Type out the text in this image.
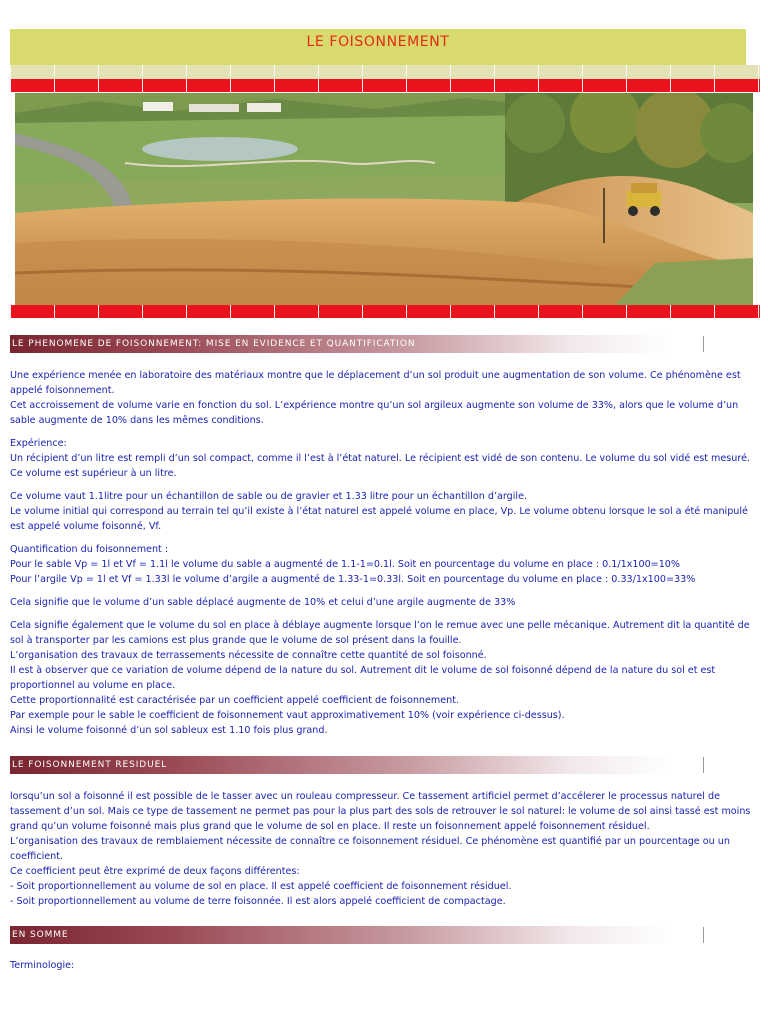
LE FOISONNEMENT
LE PHENOMENE DE FOISONNEMENT: MISE EN EVIDENCE ET QUANTIFICATION

Une expérience menée en laboratoire des matériaux montre que le déplacement d’un sol produit une augmentation de son volume. Ce phénomène est appelé foisonnement.
Cet accroissement de volume varie en fonction du sol. L’expérience montre qu’un sol argileux augmente son volume de 33%, alors que le volume d’un sable augmente de 10% dans les mêmes conditions.

Expérience:
Un récipient d’un litre est rempli d’un sol compact, comme il l’est à l’état naturel. Le récipient est vidé de son contenu. Le volume du sol vidé est mesuré. Ce volume est supérieur à un litre.

Ce volume vaut 1.1litre pour un échantillon de sable ou de gravier et 1.33 litre pour un échantillon d’argile.
Le volume initial qui correspond au terrain tel qu’il existe à l’état naturel est appelé volume en place, Vp. Le volume obtenu lorsque le sol a été manipulé est appelé volume foisonné, Vf.

Quantification du foisonnement :
Pour le sable Vp = 1l et Vf = 1.1l le volume du sable a augmenté de 1.1-1=0.1l. Soit en pourcentage du volume en place : 0.1/1x100=10%
Pour l’argile Vp = 1l et Vf = 1.33l le volume d’argile a augmenté de 1.33-1=0.33l. Soit en pourcentage du volume en place : 0.33/1x100=33%

Cela signifie que le volume d’un sable déplacé augmente de 10% et celui d’une argile augmente de 33%

Cela signifie également que le volume du sol en place à déblaye augmente lorsque l’on le remue avec une pelle mécanique. Autrement dit la quantité de sol à transporter par les camions est plus grande que le volume de sol présent dans la fouille.
L’organisation des travaux de terrassements nécessite de connaître cette quantité de sol foisonné.
Il est à observer que ce variation de volume dépend de la nature du sol. Autrement dit le volume de sol foisonné dépend de la nature du sol et est proportionnel au volume en place.
Cette proportionnalité est caractérisée par un coefficient appelé coefficient de foisonnement.
Par exemple pour le sable le coefficient de foisonnement vaut approximativement 10% (voir expérience ci-dessus).
Ainsi le volume foisonné d’un sol sableux est 1.10 fois plus grand.

LE FOISONNEMENT RESIDUEL

lorsqu’un sol a foisonné il est possible de le tasser avec un rouleau compresseur. Ce tassement artificiel permet d’accélerer le processus naturel de tassement d’un sol. Mais ce type de tassement ne permet pas pour la plus part des sols de retrouver le sol naturel: le volume de sol ainsi tassé est moins grand qu’un volume foisonné mais plus grand que le volume de sol en place. Il reste un foisonnement appelé foisonnement résiduel.
L’organisation des travaux de remblaiement nécessite de connaître ce foisonnement résiduel. Ce phénomène est quantifié par un pourcentage ou un coefficient.
Ce coefficient peut être exprimé de deux façons différentes:
- Soit proportionnellement au volume de sol en place. Il est appelé coefficient de foisonnement résiduel.
- Soit proportionnellement au volume de terre foisonnée. Il est alors appelé coefficient de compactage.

EN SOMME

Terminologie:
